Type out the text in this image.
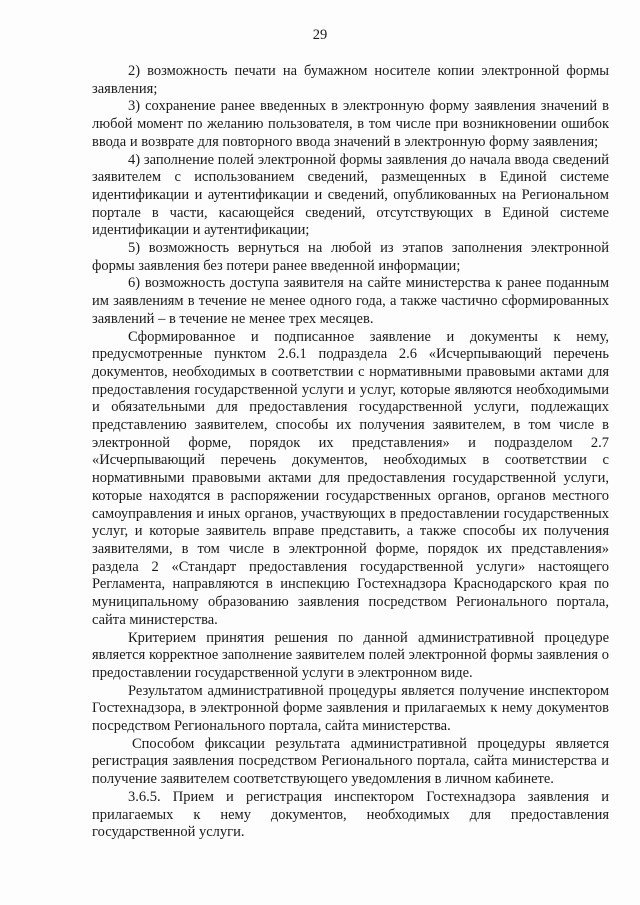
29

2) возможность печати на бумажном носителе копии электронной формы заявления;

3) сохранение ранее введенных в электронную форму заявления значений в любой момент по желанию пользователя, в том числе при возникновении ошибок ввода и возврате для повторного ввода значений в электронную форму заявления;

4) заполнение полей электронной формы заявления до начала ввода сведений заявителем с использованием сведений, размещенных в Единой системе идентификации и аутентификации и сведений, опубликованных на Региональном портале в части, касающейся сведений, отсутствующих в Единой системе идентификации и аутентификации;

5) возможность вернуться на любой из этапов заполнения электронной формы заявления без потери ранее введенной информации;

6) возможность доступа заявителя на сайте министерства к ранее поданным им заявлениям в течение не менее одного года, а также частично сформированных заявлений – в течение не менее трех месяцев.

Сформированное и подписанное заявление и документы к нему, предусмотренные пунктом 2.6.1 подраздела 2.6 «Исчерпывающий перечень документов, необходимых в соответствии с нормативными правовыми актами для предоставления государственной услуги и услуг, которые являются необходимыми и обязательными для предоставления государственной услуги, подлежащих представлению заявителем, способы их получения заявителем, в том числе в электронной форме, порядок их представления» и подразделом 2.7 «Исчерпывающий перечень документов, необходимых в соответствии с нормативными правовыми актами для предоставления государственной услуги, которые находятся в распоряжении государственных органов, органов местного самоуправления и иных органов, участвующих в предоставлении государственных услуг, и которые заявитель вправе представить, а также способы их получения заявителями, в том числе в электронной форме, порядок их представления» раздела 2 «Стандарт предоставления государственной услуги» настоящего Регламента, направляются в инспекцию Гостехнадзора Краснодарского края по муниципальному образованию заявления посредством Регионального портала, сайта министерства.

Критерием принятия решения по данной административной процедуре является корректное заполнение заявителем полей электронной формы заявления о предоставлении государственной услуги в электронном виде.

Результатом административной процедуры является получение инспектором Гостехнадзора, в электронной форме заявления и прилагаемых к нему документов посредством Регионального портала, сайта министерства.

Способом фиксации результата административной процедуры является регистрация заявления посредством Регионального портала, сайта министерства и получение заявителем соответствующего уведомления в личном кабинете.

3.6.5. Прием и регистрация инспектором Гостехнадзора заявления и прилагаемых к нему документов, необходимых для предоставления государственной услуги.
